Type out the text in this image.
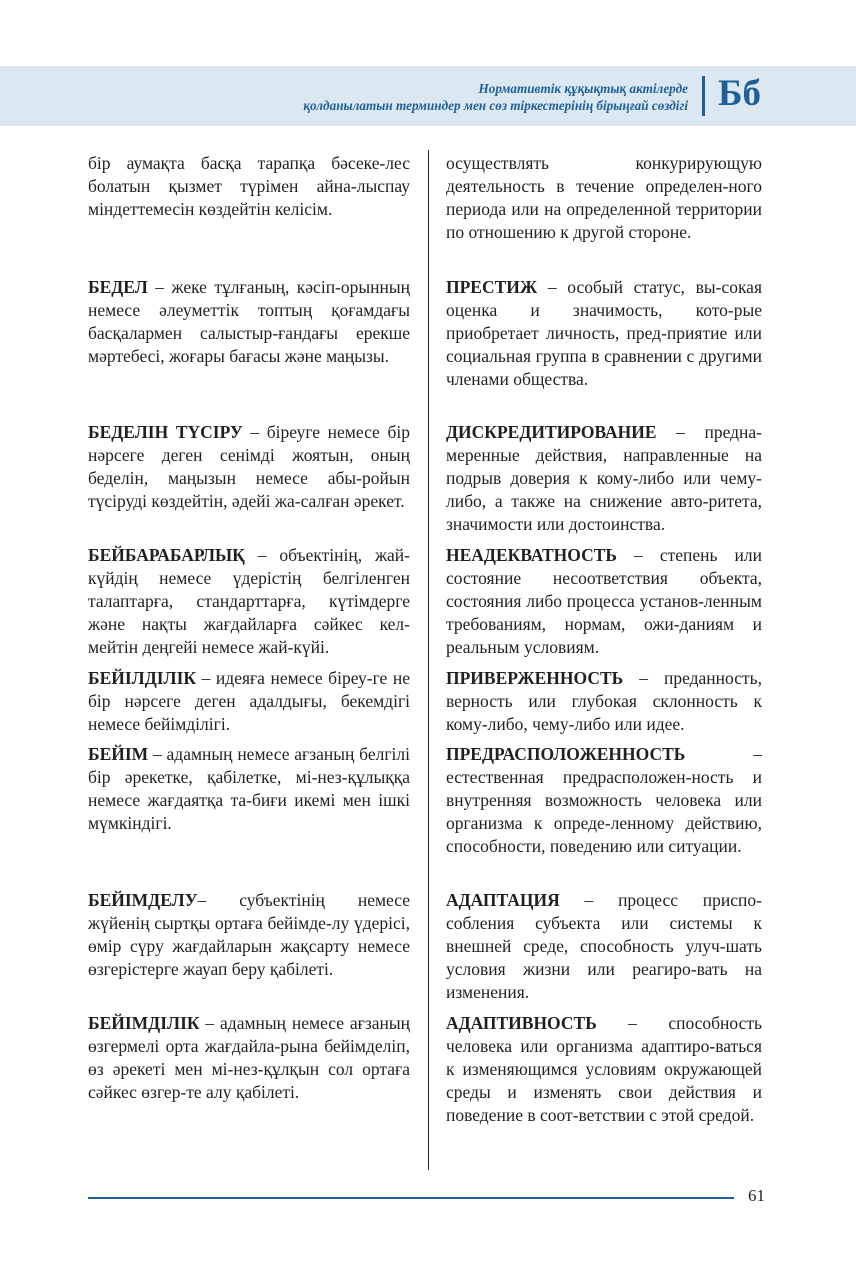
Нормативтік құқықтық актілерде
қолданылатын терминдер мен сөз тіркестерінің бірыңғай сөздігі Бб

бір аумақта басқа тарапқа бәсеке-лес болатын қызмет түрімен айна-лыспау міндеттемесін көздейтін келісім.

БЕДЕЛ – жеке тұлғаның, кәсіп-орынның немесе әлеуметтік топтың қоғамдағы басқалармен салыстыр-ғандағы ерекше мәртебесі, жоғары бағасы және маңызы.

БЕДЕЛІН ТҮСІРУ – біреуге немесе бір нәрсеге деген сенімді жоятын, оның беделін, маңызын немесе абы-ройын түсіруді көздейтін, әдейі жа-салған әрекет.

БЕЙБАРАБАРЛЫҚ – объектінің, жай-күйдің немесе үдерістің белгіленген талаптарға, стандарттарға, күтімдерге және нақты жағдайларға сәйкес кел-мейтін деңгейі немесе жай-күйі.

БЕЙІЛДІЛІК – идеяға немесе біреу-ге не бір нәрсеге деген адалдығы, бекемдігі немесе бейімділігі.

БЕЙІМ – адамның немесе ағзаның белгілі бір әрекетке, қабілетке, мі-нез-құлыққа немесе жағдаятқа та-биғи икемі мен ішкі мүмкіндігі.

БЕЙІМДЕЛУ– субъектінің немесе жүйенің сыртқы ортаға бейімде-лу үдерісі, өмір сүру жағдайларын жақсарту немесе өзгерістерге жауап беру қабілеті.

БЕЙІМДІЛІК – адамның немесе ағзаның өзгермелі орта жағдайла-рына бейімделіп, өз әрекеті мен мі-нез-құлқын сол ортаға сәйкес өзгер-те алу қабілеті.

осуществлять конкурирующую деятельность в течение определен-ного периода или на определенной территории по отношению к другой стороне.

ПРЕСТИЖ – особый статус, вы-сокая оценка и значимость, кото-рые приобретает личность, пред-приятие или социальная группа в сравнении с другими членами общества.

ДИСКРЕДИТИРОВАНИЕ – предна-меренные действия, направленные на подрыв доверия к кому-либо или чему-либо, а также на снижение авто-ритета, значимости или достоинства.

НЕАДЕКВАТНОСТЬ – степень или состояние несоответствия объекта, состояния либо процесса установ-ленным требованиям, нормам, ожи-даниям и реальным условиям.

ПРИВЕРЖЕННОСТЬ – преданность, верность или глубокая склонность к кому-либо, чему-либо или идее.

ПРЕДРАСПОЛОЖЕННОСТЬ – естественная предрасположен-ность и внутренняя возможность человека или организма к опреде-ленному действию, способности, поведению или ситуации.

АДАПТАЦИЯ – процесс приспо-собления субъекта или системы к внешней среде, способность улуч-шать условия жизни или реагиро-вать на изменения.

АДАПТИВНОСТЬ – способность человека или организма адаптиро-ваться к изменяющимся условиям окружающей среды и изменять свои действия и поведение в соот-ветствии с этой средой.

61
